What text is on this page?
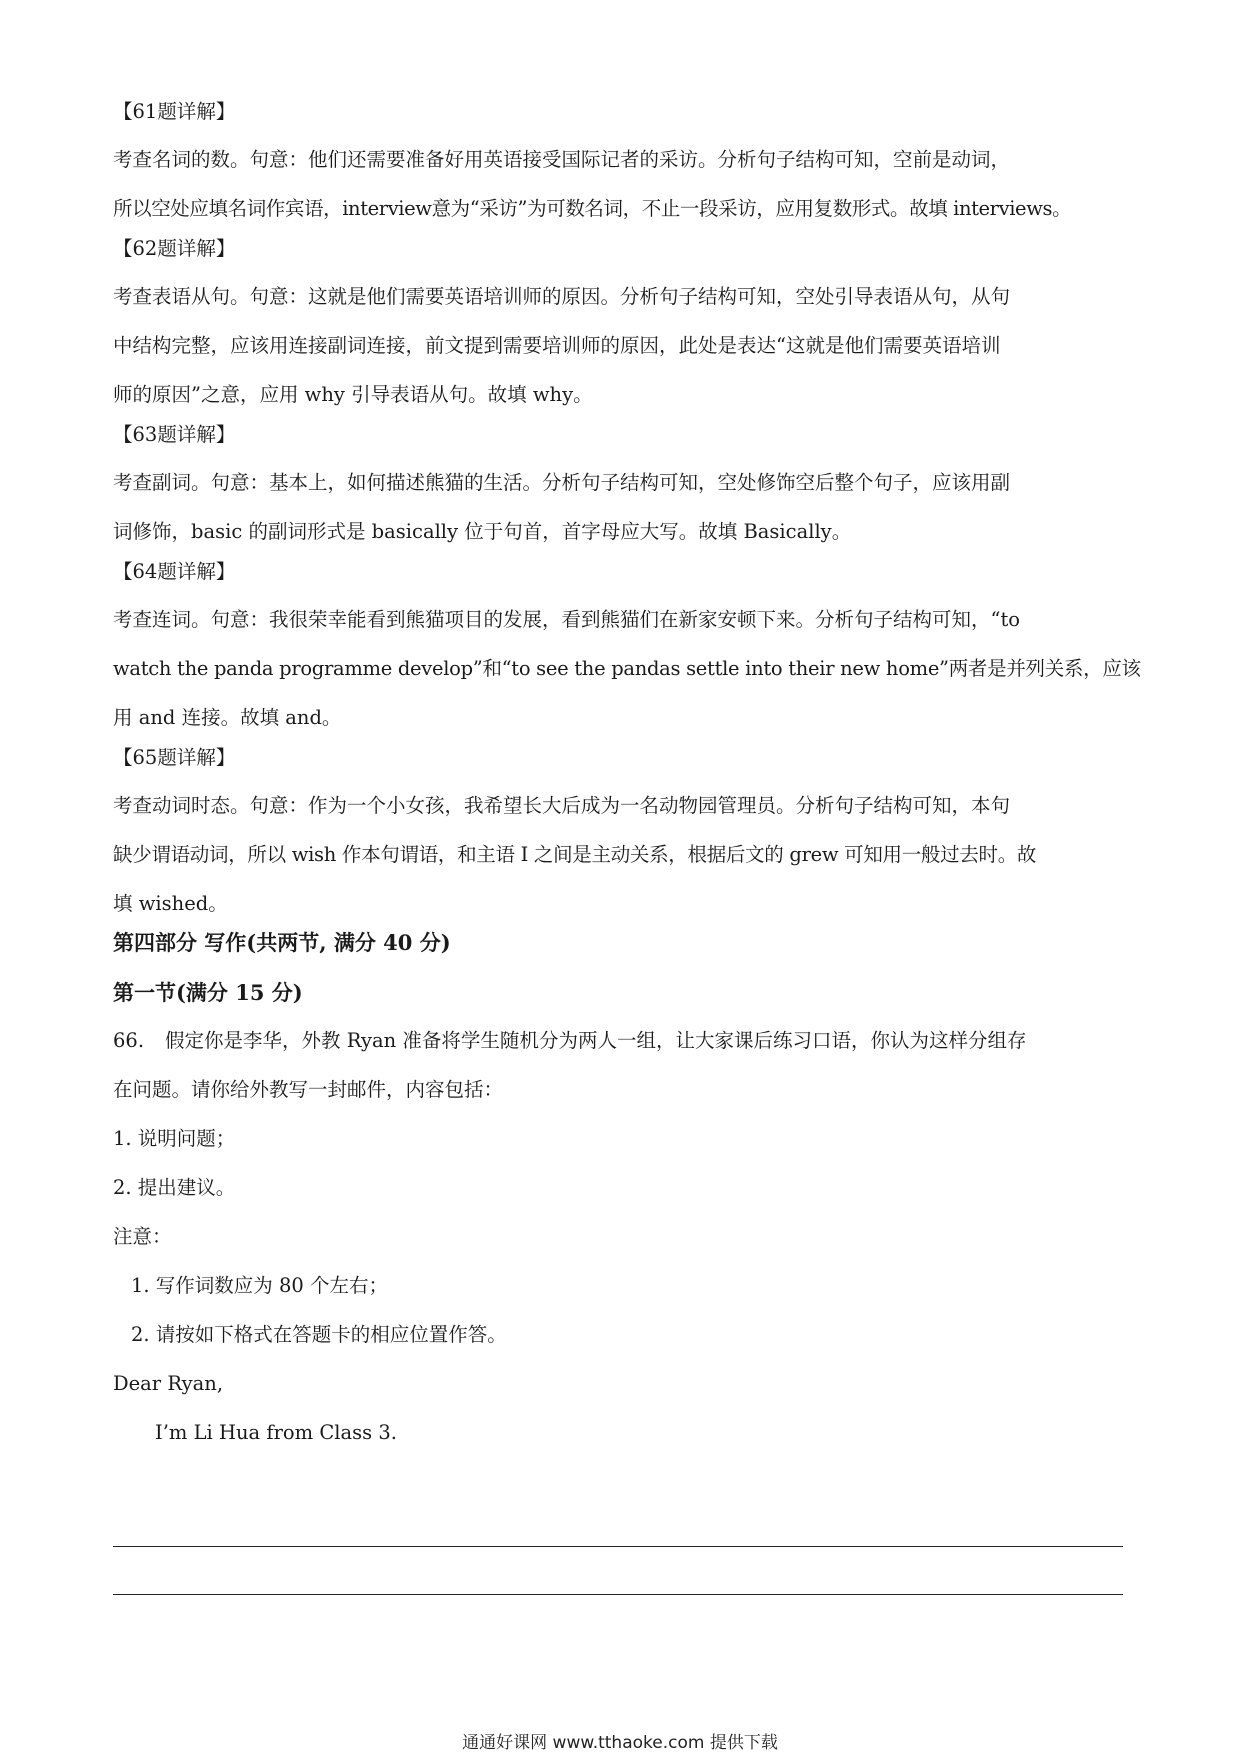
【61题详解】
考查名词的数。句意：他们还需要准备好用英语接受国际记者的采访。分析句子结构可知，空前是动词，
所以空处应填名词作宾语，interview意为“采访”为可数名词，不止一段采访，应用复数形式。故填 interviews。
【62题详解】
考查表语从句。句意：这就是他们需要英语培训师的原因。分析句子结构可知，空处引导表语从句，从句
中结构完整，应该用连接副词连接，前文提到需要培训师的原因，此处是表达“这就是他们需要英语培训
师的原因”之意，应用 why 引导表语从句。故填 why。
【63题详解】
考查副词。句意：基本上，如何描述熊猫的生活。分析句子结构可知，空处修饰空后整个句子，应该用副
词修饰，basic 的副词形式是 basically 位于句首，首字母应大写。故填 Basically。
【64题详解】
考查连词。句意：我很荣幸能看到熊猫项目的发展，看到熊猫们在新家安顿下来。分析句子结构可知，“to
watch the panda programme develop”和“to see the pandas settle into their new home”两者是并列关系，应该
用 and 连接。故填 and。
【65题详解】
考查动词时态。句意：作为一个小女孩，我希望长大后成为一名动物园管理员。分析句子结构可知，本句
缺少谓语动词，所以 wish 作本句谓语，和主语 I 之间是主动关系，根据后文的 grew 可知用一般过去时。故
填 wished。
第四部分 写作(共两节, 满分 40 分)
第一节(满分 15 分)
66. 假定你是李华，外教 Ryan 准备将学生随机分为两人一组，让大家课后练习口语，你认为这样分组存
在问题。请你给外教写一封邮件，内容包括：
1. 说明问题；
2. 提出建议。
注意：
1. 写作词数应为 80 个左右；
2. 请按如下格式在答题卡的相应位置作答。
Dear Ryan,
I’m Li Hua from Class 3.
通通好课网 www.tthaoke.com 提供下载
